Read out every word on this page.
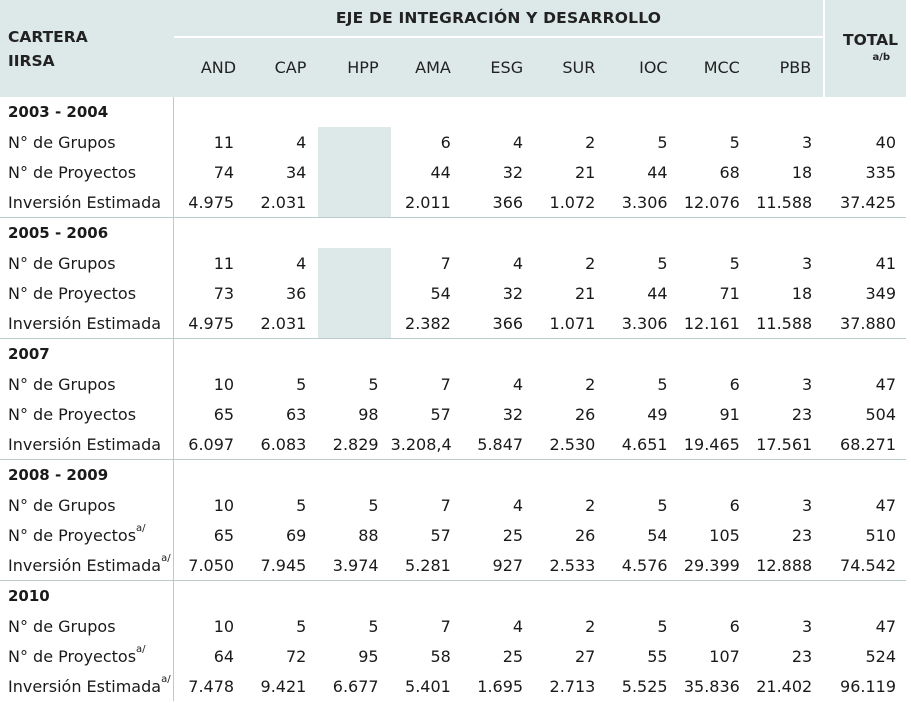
CARTERA
IIRSA	EJE DE INTEGRACIÓN Y DESARROLLO									TOTAL
a/b

	AND	CAP	HPP	AMA	ESG	SUR	IOC	MCC	PBB	
2003 - 2004										
N° de Grupos	11	4		6	4	2	5	5	3	40
N° de Proyectos	74	34		44	32	21	44	68	18	335
Inversión Estimada	4.975	2.031		2.011	366	1.072	3.306	12.076	11.588	37.425
2005 - 2006										
N° de Grupos	11	4		7	4	2	5	5	3	41
N° de Proyectos	73	36		54	32	21	44	71	18	349
Inversión Estimada	4.975	2.031		2.382	366	1.071	3.306	12.161	11.588	37.880
2007										
N° de Grupos	10	5	5	7	4	2	5	6	3	47
N° de Proyectos	65	63	98	57	32	26	49	91	23	504
Inversión Estimada	6.097	6.083	2.829	3.208,4	5.847	2.530	4.651	19.465	17.561	68.271
2008 - 2009										
N° de Grupos	10	5	5	7	4	2	5	6	3	47
N° de Proyectos$^{a/}$	65	69	88	57	25	26	54	105	23	510
Inversión Estimada$^{a/}$	7.050	7.945	3.974	5.281	927	2.533	4.576	29.399	12.888	74.542
2010										
N° de Grupos	10	5	5	7	4	2	5	6	3	47
N° de Proyectos$^{a/}$	64	72	95	58	25	27	55	107	23	524
Inversión Estimada$^{a/}$	7.478	9.421	6.677	5.401	1.695	2.713	5.525	35.836	21.402	96.119
